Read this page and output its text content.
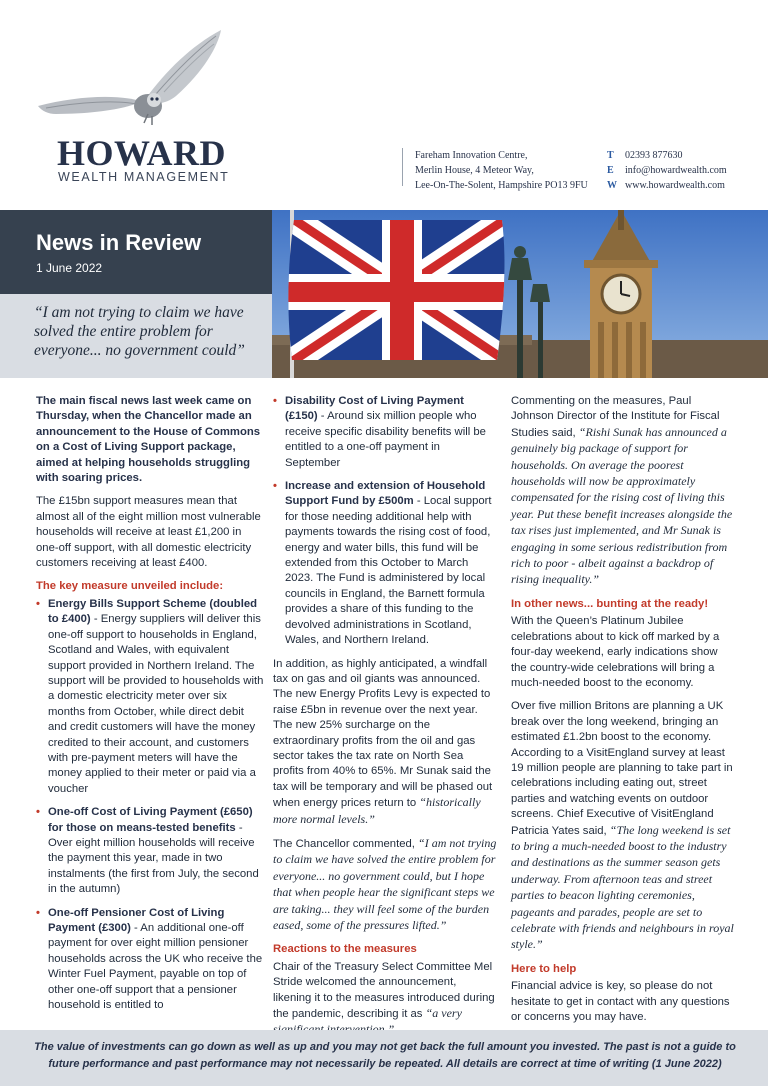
HOWARD
WEALTH MANAGEMENT
Fareham Innovation Centre,
Merlin House, 4 Meteor Way,
Lee-On-The-Solent, Hampshire PO13 9FU
T 02393 877630
E info@howardwealth.com
W www.howardwealth.com
News in Review
1 June 2022

“I am not trying to claim we have solved the entire problem for everyone... no government could”

The main fiscal news last week came on Thursday, when the Chancellor made an announcement to the House of Commons on a Cost of Living Support package, aimed at helping households struggling with soaring prices.

The £15bn support measures mean that almost all of the eight million most vulnerable households will receive at least £1,200 in one-off support, with all domestic electricity customers receiving at least £400.

The key measure unveiled include:
• Energy Bills Support Scheme (doubled to £400) - Energy suppliers will deliver this one-off support to households in England, Scotland and Wales, with equivalent support provided in Northern Ireland. The support will be provided to households with a domestic electricity meter over six months from October, while direct debit and credit customers will have the money credited to their account, and customers with pre-payment meters will have the money applied to their meter or paid via a voucher
• One-off Cost of Living Payment (£650) for those on means-tested benefits - Over eight million households will receive the payment this year, made in two instalments (the first from July, the second in the autumn)
• One-off Pensioner Cost of Living Payment (£300) - An additional one-off payment for over eight million pensioner households across the UK who receive the Winter Fuel Payment, payable on top of other one-off support that a pensioner household is entitled to
• Disability Cost of Living Payment (£150) - Around six million people who receive specific disability benefits will be entitled to a one-off payment in September
• Increase and extension of Household Support Fund by £500m - Local support for those needing additional help with payments towards the rising cost of food, energy and water bills, this fund will be extended from this October to March 2023. The Fund is administered by local councils in England, the Barnett formula provides a share of this funding to the devolved administrations in Scotland, Wales, and Northern Ireland.

In addition, as highly anticipated, a windfall tax on gas and oil giants was announced. The new Energy Profits Levy is expected to raise £5bn in revenue over the next year. The new 25% surcharge on the extraordinary profits from the oil and gas sector takes the tax rate on North Sea profits from 40% to 65%. Mr Sunak said the tax will be temporary and will be phased out when energy prices return to “historically more normal levels.”

The Chancellor commented, “I am not trying to claim we have solved the entire problem for everyone... no government could, but I hope that when people hear the significant steps we are taking... they will feel some of the burden eased, some of the pressures lifted.”

Reactions to the measures

Chair of the Treasury Select Committee Mel Stride welcomed the announcement, likening it to the measures introduced during the pandemic, describing it as “a very

Commenting on the measures, Paul Johnson Director of the Institute for Fiscal Studies said, “Rishi Sunak has announced a genuinely big package of support for households. On average the poorest households will now be approximately compensated for the rising cost of living this year. Put these benefit increases alongside the tax rises just implemented, and Mr Sunak is engaging in some serious redistribution from rich to poor - albeit against a backdrop of rising inequality.”

In other news... bunting at the ready!

With the Queen’s Platinum Jubilee celebrations about to kick off marked by a four-day weekend, early indications show the country-wide celebrations will bring a much-needed boost to the economy.

Over five million Britons are planning a UK break over the long weekend, bringing an estimated £1.2bn boost to the economy. According to a VisitEngland survey at least 19 million people are planning to take part in celebrations including eating out, street parties and watching events on outdoor screens. Chief Executive of VisitEngland Patricia Yates said, “The long weekend is set to bring a much-needed boost to the industry and destinations as the summer season gets underway. From afternoon teas and street parties to beacon lighting ceremonies, pageants and parades, people are set to celebrate with friends and neighbours in royal style.”

Here to help

Financial advice is key, so please do not hesitate to get in contact with any questions or concerns you may have.

The value of investments can go down as well as up and you may not get back the full amount you invested. The past is not a guide to future performance and past performance may not necessarily be repeated. All details are correct at time of writing (1 June 2022)
